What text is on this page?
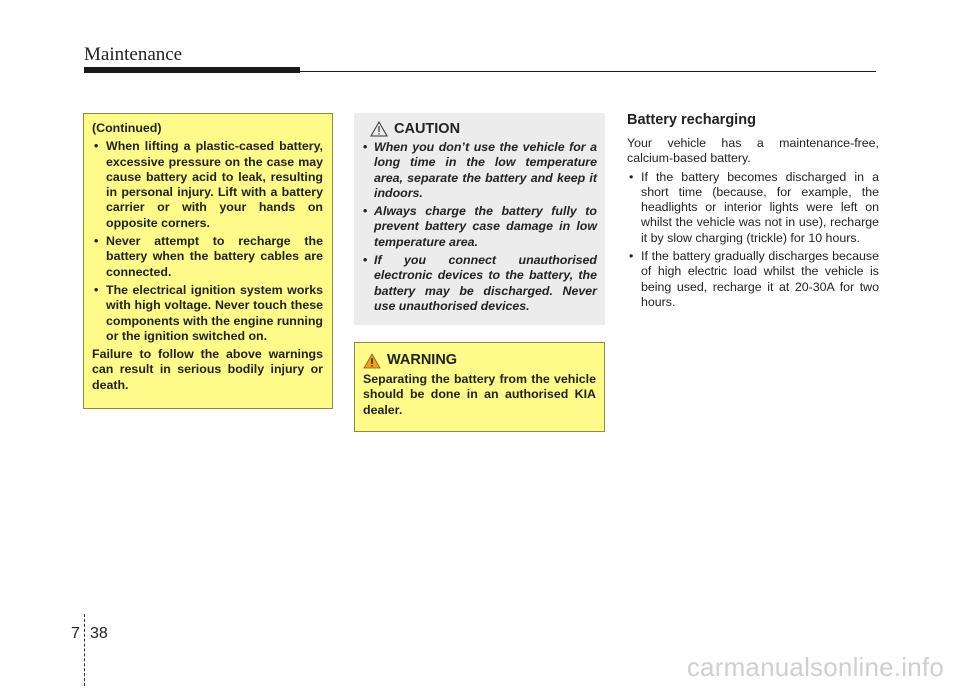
Maintenance

(Continued)

• When lifting a plastic-cased battery, excessive pressure on the case may cause battery acid to leak, resulting in personal injury. Lift with a battery carrier or with your hands on opposite corners.
• Never attempt to recharge the battery when the battery cables are connected.
• The electrical ignition system works with high voltage. Never touch these components with the engine running or the ignition switched on.

Failure to follow the above warnings can result in serious bodily injury or death.

CAUTION
• When you don’t use the vehicle for a long time in the low temperature area, separate the battery and keep it indoors.
• Always charge the battery fully to prevent battery case damage in low temperature area.
• If you connect unauthorised electronic devices to the battery, the battery may be discharged. Never use unauthorised devices.
WARNING

Separating the battery from the vehicle should be done in an authorised KIA dealer.

Battery recharging

Your vehicle has a maintenance-free, calcium-based battery.

• If the battery becomes discharged in a short time (because, for example, the headlights or interior lights were left on whilst the vehicle was not in use), recharge it by slow charging (trickle) for 10 hours.
• If the battery gradually discharges because of high electric load whilst the vehicle is being used, recharge it at 20-30A for two hours.
7 38
carmanualsonline.info
